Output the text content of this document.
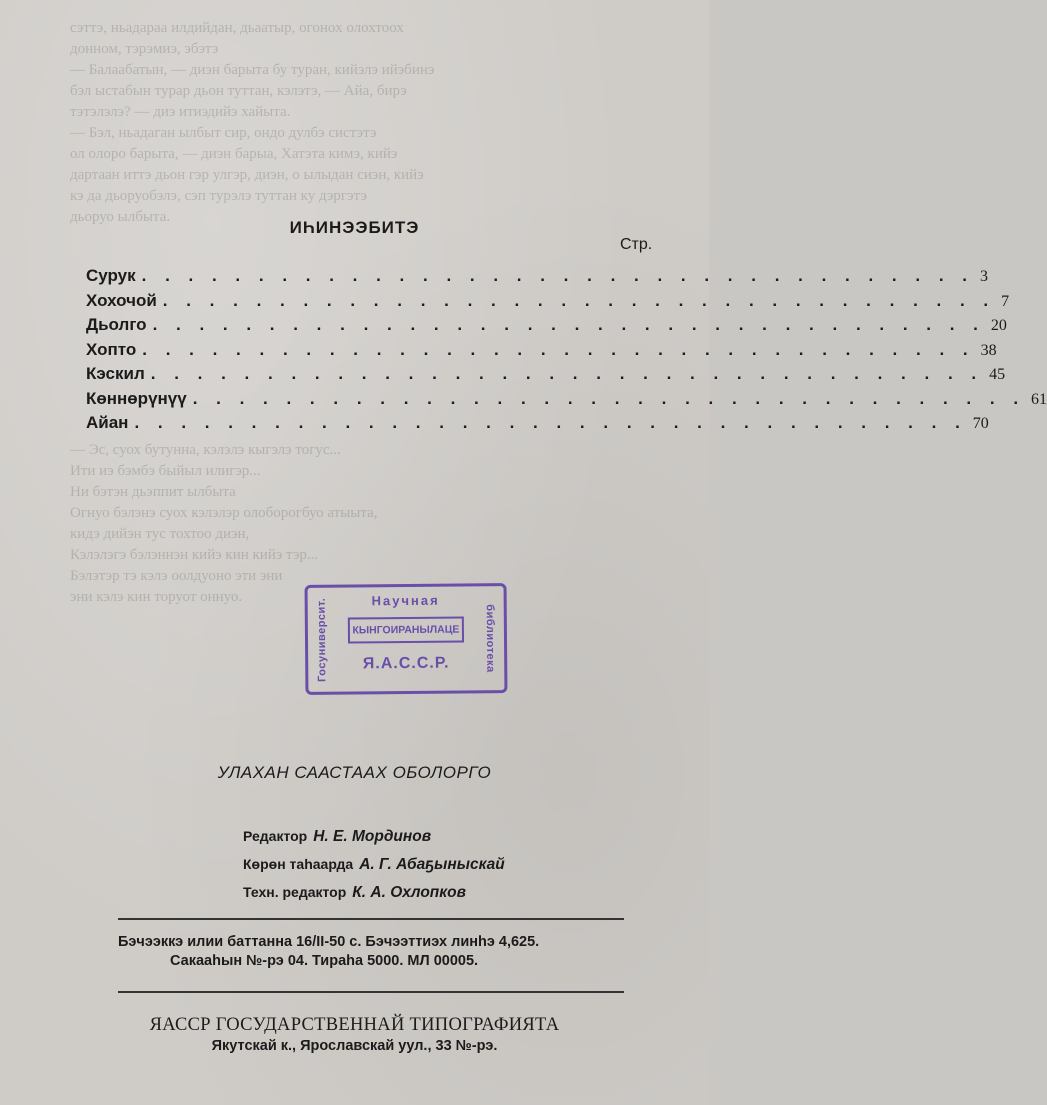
сэттэ, ньадараа илдийдан, дьаатыр, огонох олохтоох

донном, тэрэмиэ, эбэтэ

— Балаабатын, — диэн барыта бу туран, кийэлэ ийэбинэ

бэл ыстабын турар дьон туттан, кэлэтэ, — Айа, бирэ

тэтэлэлэ? — диэ итиэдийэ хайыта.

— Бэл, ньадаган ылбыт сир, ондо дулбэ систэтэ

ол олоро барыта, — диэн барыа, Хатэта кимэ, кийэ

дартаан иттэ дьон гэр улгэр, диэн, о ылыдан сиэн, кийэ

кэ да дьоруобэлэ, сэп турэлэ туттан ку дэргэтэ

дьоруо ылбыта.

— Эс, суох бутунна, кэлэлэ кыгэлэ тогус...

Ити иэ бэмбэ быйыл илигэр...

Ни бэтэн дьэппит ылбыта

Огнуо бэлэнэ суох кэлэлэр олоборогбуо атыыта,

кидэ дийэн тус тохтоо диэн,

Кэлэлэгэ бэлэннэн кийэ кин кийэ тэр...

Бэлэтэр тэ кэлэ оолдуоно эти эни

эни кэлэ кин торуот оннуо.

ИҺИНЭЭБИТЭ
Стр.
Сурук . . . . . . . . . . . . . . . . . . . . . . . . . . . . . . . . . . . . 3
Хохочой . . . . . . . . . . . . . . . . . . . . . . . . . . . . . . . . . . . . 7
Дьолго . . . . . . . . . . . . . . . . . . . . . . . . . . . . . . . . . . . . 20
Хопто . . . . . . . . . . . . . . . . . . . . . . . . . . . . . . . . . . . . 38
Кэскил . . . . . . . . . . . . . . . . . . . . . . . . . . . . . . . . . . . . 45
Көннөрүнүү . . . . . . . . . . . . . . . . . . . . . . . . . . . . . . . . . . . . 61
Айан . . . . . . . . . . . . . . . . . . . . . . . . . . . . . . . . . . . . 70
Госуниверсит.	Научная
КЫНГОИРАНЫЛАЦЕ
Я.А.С.С.Р.	библиотека
УЛАХАН СААСТААХ ОБОЛОРГО
Редактор Н. Е. Мординов
Көрөн таһаарда А. Г. Абаҕыныскай
Техн. редактор К. А. Охлопков
Бэчээккэ илии баттанна 16/II-50 с. Бэчээттиэх линһэ 4,625.
Сакааһын №-рэ 04. Тираһа 5000. МЛ 00005.
ЯАССР ГОСУДАРСТВЕННАЙ ТИПОГРАФИЯТА
Якутскай к., Ярославскай уул., 33 №-рэ.
